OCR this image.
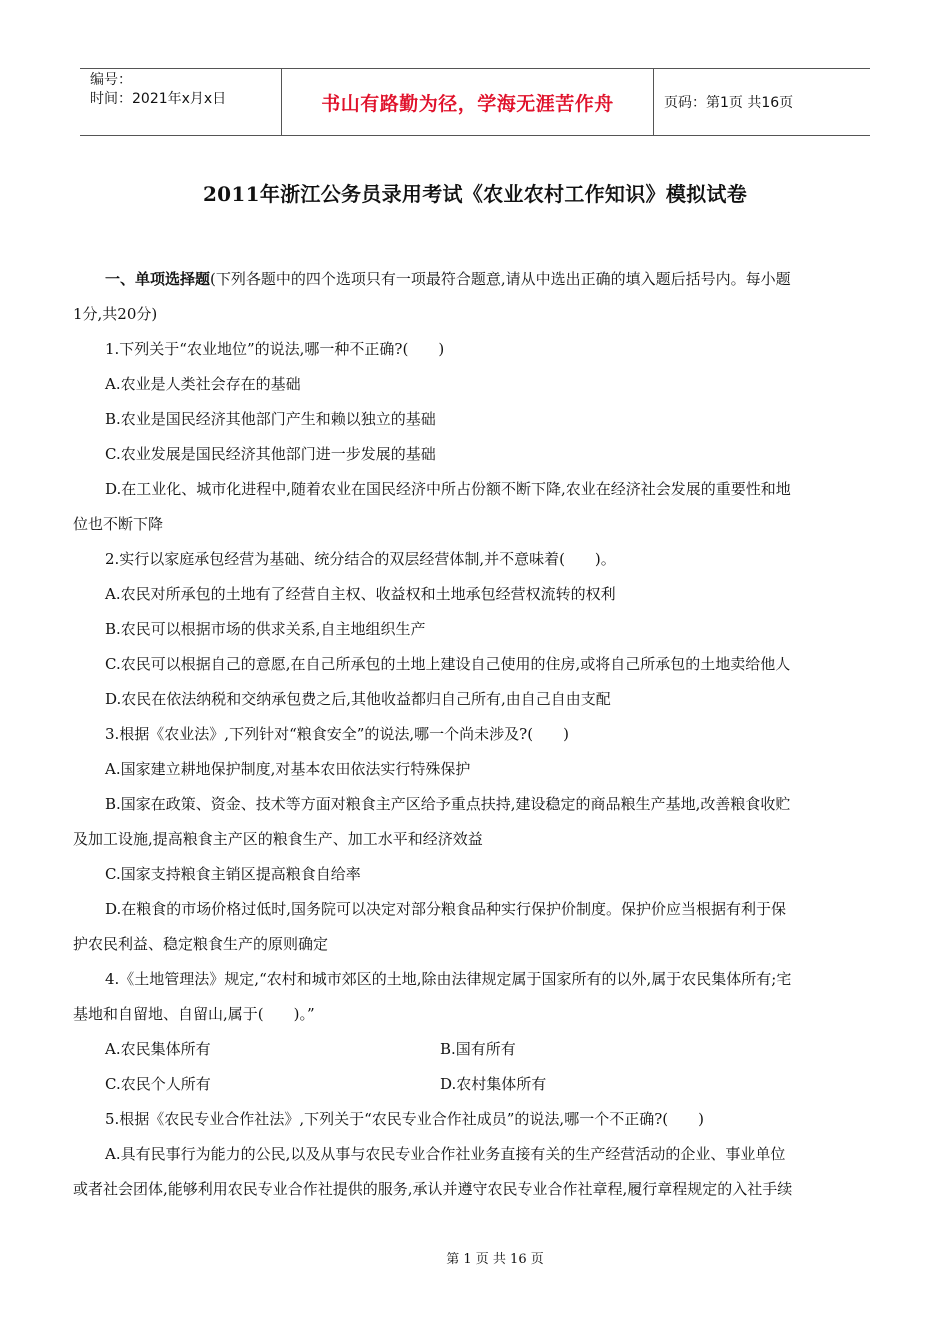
编号：
时间：2021年x月x日	书山有路勤为径，学海无涯苦作舟	页码：第1页 共16页
2011年浙江公务员录用考试《农业农村工作知识》模拟试卷
一、单项选择题(下列各题中的四个选项只有一项最符合题意,请从中选出正确的填入题后括号内。每小题
1分,共20分)
1.下列关于“农业地位”的说法,哪一种不正确?(　　)
A.农业是人类社会存在的基础
B.农业是国民经济其他部门产生和赖以独立的基础
C.农业发展是国民经济其他部门进一步发展的基础
D.在工业化、城市化进程中,随着农业在国民经济中所占份额不断下降,农业在经济社会发展的重要性和地
位也不断下降
2.实行以家庭承包经营为基础、统分结合的双层经营体制,并不意味着(　　)。
A.农民对所承包的土地有了经营自主权、收益权和土地承包经营权流转的权利
B.农民可以根据市场的供求关系,自主地组织生产
C.农民可以根据自己的意愿,在自己所承包的土地上建设自己使用的住房,或将自己所承包的土地卖给他人
D.农民在依法纳税和交纳承包费之后,其他收益都归自己所有,由自己自由支配
3.根据《农业法》,下列针对“粮食安全”的说法,哪一个尚未涉及?(　　)
A.国家建立耕地保护制度,对基本农田依法实行特殊保护
B.国家在政策、资金、技术等方面对粮食主产区给予重点扶持,建设稳定的商品粮生产基地,改善粮食收贮
及加工设施,提高粮食主产区的粮食生产、加工水平和经济效益
C.国家支持粮食主销区提高粮食自给率
D.在粮食的市场价格过低时,国务院可以决定对部分粮食品种实行保护价制度。保护价应当根据有利于保
护农民利益、稳定粮食生产的原则确定
4.《土地管理法》规定,“农村和城市郊区的土地,除由法律规定属于国家所有的以外,属于农民集体所有;宅
基地和自留地、自留山,属于(　　)。”
A.农民集体所有	B.国有所有
C.农民个人所有	D.农村集体所有
5.根据《农民专业合作社法》,下列关于“农民专业合作社成员”的说法,哪一个不正确?(　　)
A.具有民事行为能力的公民,以及从事与农民专业合作社业务直接有关的生产经营活动的企业、事业单位
或者社会团体,能够利用农民专业合作社提供的服务,承认并遵守农民专业合作社章程,履行章程规定的入社手续
第 1 页 共 16 页
